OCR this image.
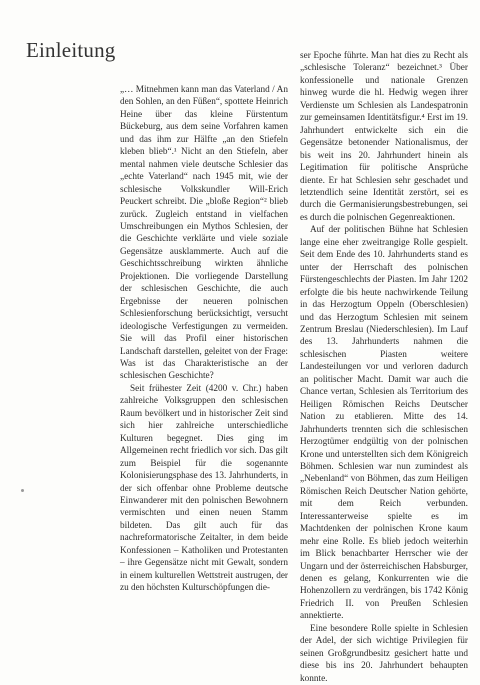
Einleitung

„… Mitnehmen kann man das Vaterland / An den Sohlen, an den Füßen“, spottete Heinrich Heine über das kleine Fürstentum Bückeburg, aus dem seine Vorfahren kamen und das ihm zur Hälfte „an den Stiefeln kleben blieb“.¹ Nicht an den Stiefeln, aber mental nahmen viele deutsche Schlesier das „echte Vaterland“ nach 1945 mit, wie der schlesische Volkskundler Will-Erich Peuckert schreibt. Die „bloße Region“² blieb zurück. Zugleich entstand in vielfachen Umschreibungen ein Mythos Schlesien, der die Geschichte verklärte und viele soziale Gegensätze ausklammerte. Auch auf die Geschichtsschreibung wirkten ähnliche Projektionen. Die vorliegende Darstellung der schlesischen Geschichte, die auch Ergebnisse der neueren polnischen Schlesienforschung berücksichtigt, versucht ideologische Verfestigungen zu vermeiden. Sie will das Profil einer historischen Landschaft darstellen, geleitet von der Frage: Was ist das Charakteristische an der schlesischen Geschichte?

Seit frühester Zeit (4200 v. Chr.) haben zahlreiche Volksgruppen den schlesischen Raum bevölkert und in historischer Zeit sind sich hier zahlreiche unterschiedliche Kulturen begegnet. Dies ging im Allgemeinen recht friedlich vor sich. Das gilt zum Beispiel für die sogenannte Kolonisierungsphase des 13. Jahrhunderts, in der sich offenbar ohne Probleme deutsche Einwanderer mit den polnischen Bewohnern vermischten und einen neuen Stamm bildeten. Das gilt auch für das nachreformatorische Zeitalter, in dem beide Konfessionen – Katholiken und Protestanten – ihre Gegensätze nicht mit Gewalt, sondern in einem kulturellen Wettstreit austrugen, der zu den höchsten Kulturschöpfungen die-

ser Epoche führte. Man hat dies zu Recht als „schlesische Toleranz“ bezeichnet.³ Über konfessionelle und nationale Grenzen hinweg wurde die hl. Hedwig wegen ihrer Verdienste um Schlesien als Landespatronin zur gemeinsamen Identitätsfigur.⁴ Erst im 19. Jahrhundert entwickelte sich ein die Gegensätze betonender Nationalismus, der bis weit ins 20. Jahrhundert hinein als Legitimation für politische Ansprüche diente. Er hat Schlesien sehr geschadet und letztendlich seine Identität zerstört, sei es durch die Germanisierungsbestrebungen, sei es durch die polnischen Gegenreaktionen.

Auf der politischen Bühne hat Schlesien lange eine eher zweitrangige Rolle gespielt. Seit dem Ende des 10. Jahrhunderts stand es unter der Herrschaft des polnischen Fürstengeschlechts der Piasten. Im Jahr 1202 erfolgte die bis heute nachwirkende Teilung in das Herzogtum Oppeln (Oberschlesien) und das Herzogtum Schlesien mit seinem Zentrum Breslau (Niederschlesien). Im Lauf des 13. Jahrhunderts nahmen die schlesischen Piasten weitere Landesteilungen vor und verloren dadurch an politischer Macht. Damit war auch die Chance vertan, Schlesien als Territorium des Heiligen Römischen Reichs Deutscher Nation zu etablieren. Mitte des 14. Jahrhunderts trennten sich die schlesischen Herzogtümer endgültig von der polnischen Krone und unterstellten sich dem Königreich Böhmen. Schlesien war nun zumindest als „Nebenland“ von Böhmen, das zum Heiligen Römischen Reich Deutscher Nation gehörte, mit dem Reich verbunden. Interessanterweise spielte es im Machtdenken der polnischen Krone kaum mehr eine Rolle. Es blieb jedoch weiterhin im Blick benachbarter Herrscher wie der Ungarn und der österreichischen Habsburger, denen es gelang, Konkurrenten wie die Hohenzollern zu verdrängen, bis 1742 König Friedrich II. von Preußen Schlesien annektierte.

Eine besondere Rolle spielte in Schlesien der Adel, der sich wichtige Privilegien für seinen Großgrundbesitz gesichert hatte und diese bis ins 20. Jahrhundert behaupten konnte.
